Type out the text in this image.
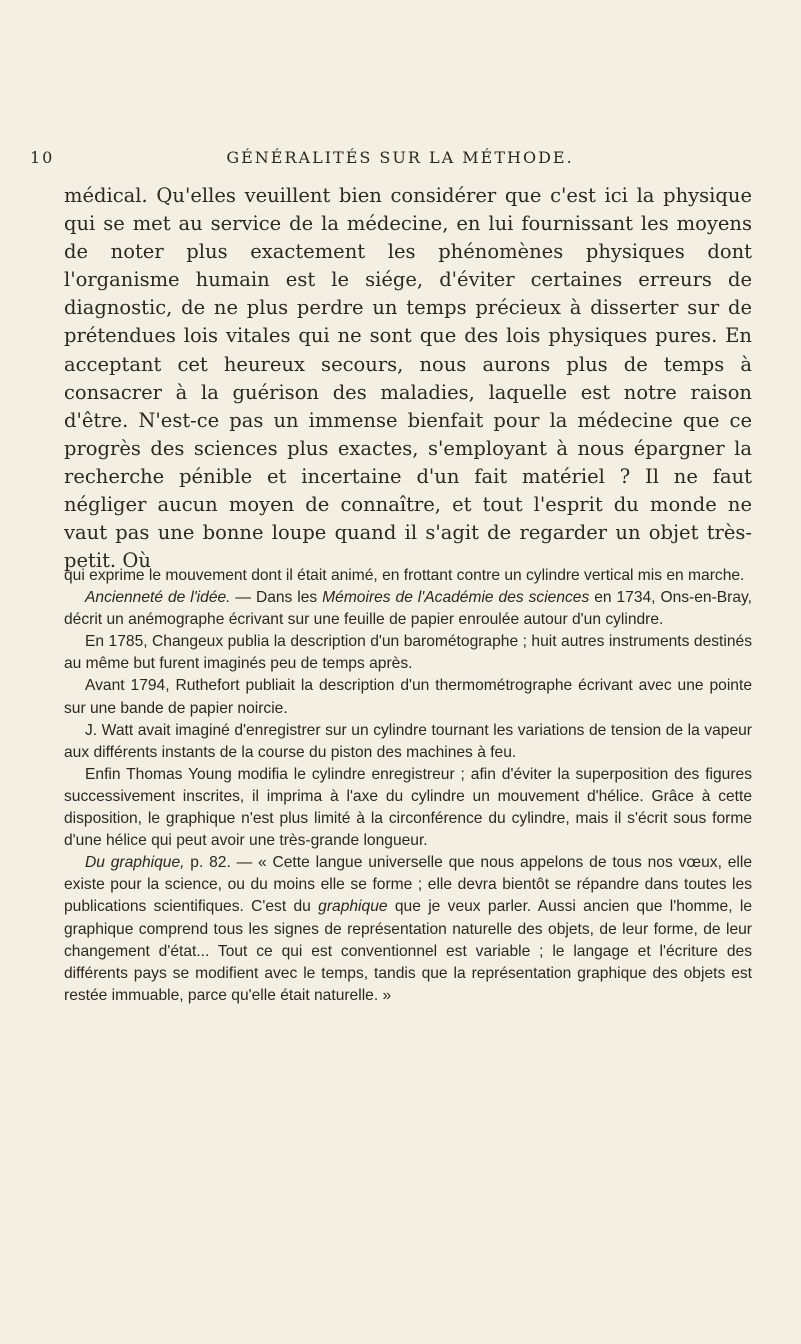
10	GÉNÉRALITÉS SUR LA MÉTHODE.

médical. Qu'elles veuillent bien considérer que c'est ici la physique qui se met au service de la médecine, en lui fournissant les moyens de noter plus exactement les phénomènes physiques dont l'organisme humain est le siége, d'éviter certaines erreurs de diagnostic, de ne plus perdre un temps précieux à disserter sur de prétendues lois vitales qui ne sont que des lois physiques pures. En acceptant cet heureux secours, nous aurons plus de temps à consacrer à la guérison des maladies, laquelle est notre raison d'être. N'est-ce pas un immense bienfait pour la médecine que ce progrès des sciences plus exactes, s'employant à nous épargner la recherche pénible et incertaine d'un fait matériel ? Il ne faut négliger aucun moyen de connaître, et tout l'esprit du monde ne vaut pas une bonne loupe quand il s'agit de regarder un objet très-petit. Où

qui exprime le mouvement dont il était animé, en frottant contre un cylindre vertical mis en marche.

Ancienneté de l'idée. — Dans les Mémoires de l'Académie des sciences en 1734, Ons-en-Bray, décrit un anémographe écrivant sur une feuille de papier enroulée autour d'un cylindre.

En 1785, Changeux publia la description d'un barométographe ; huit autres instruments destinés au même but furent imaginés peu de temps après.

Avant 1794, Ruthefort publiait la description d'un thermométrographe écrivant avec une pointe sur une bande de papier noircie.

J. Watt avait imaginé d'enregistrer sur un cylindre tournant les variations de tension de la vapeur aux différents instants de la course du piston des machines à feu.

Enfin Thomas Young modifia le cylindre enregistreur ; afin d'éviter la superposition des figures successivement inscrites, il imprima à l'axe du cylindre un mouvement d'hélice. Grâce à cette disposition, le graphique n'est plus limité à la circonférence du cylindre, mais il s'écrit sous forme d'une hélice qui peut avoir une très-grande longueur.

Du graphique, p. 82. — « Cette langue universelle que nous appelons de tous nos vœux, elle existe pour la science, ou du moins elle se forme ; elle devra bientôt se répandre dans toutes les publications scientifiques. C'est du graphique que je veux parler. Aussi ancien que l'homme, le graphique comprend tous les signes de représentation naturelle des objets, de leur forme, de leur changement d'état... Tout ce qui est conventionnel est variable ; le langage et l'écriture des différents pays se modifient avec le temps, tandis que la représentation graphique des objets est restée immuable, parce qu'elle était naturelle. »
